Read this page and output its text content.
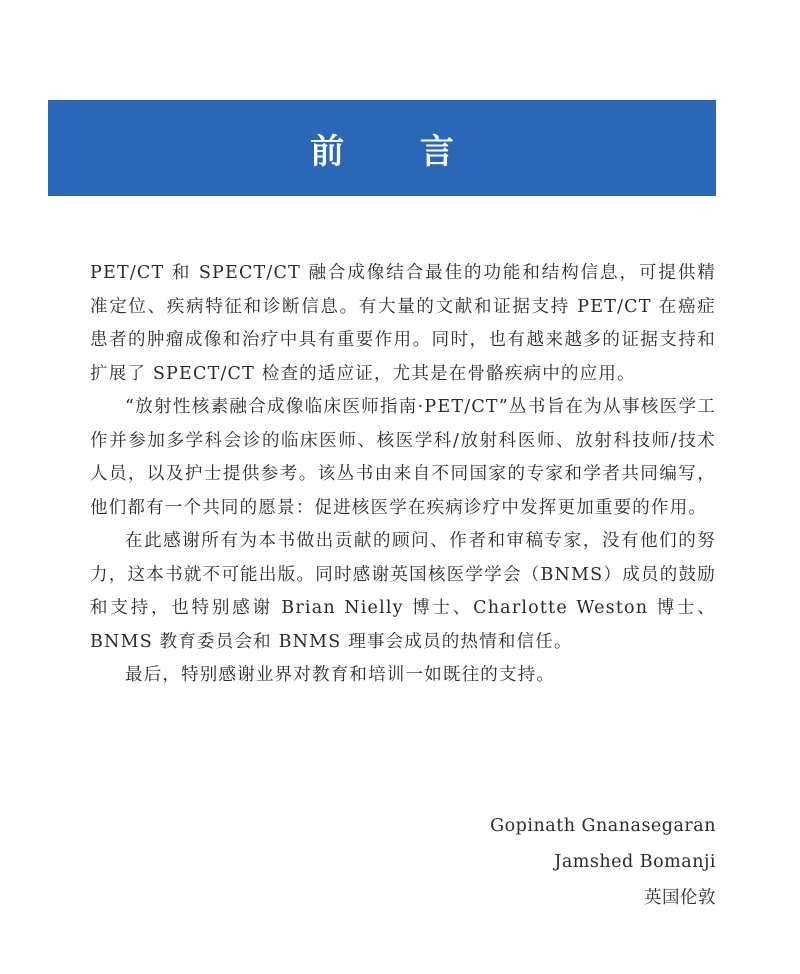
前 言

PET/CT 和 SPECT/CT 融合成像结合最佳的功能和结构信息，可提供精准定位、疾病特征和诊断信息。有大量的文献和证据支持 PET/CT 在癌症患者的肿瘤成像和治疗中具有重要作用。同时，也有越来越多的证据支持和扩展了 SPECT/CT 检查的适应证，尤其是在骨骼疾病中的应用。

“放射性核素融合成像临床医师指南·PET/CT”丛书旨在为从事核医学工作并参加多学科会诊的临床医师、核医学科/放射科医师、放射科技师/技术人员，以及护士提供参考。该丛书由来自不同国家的专家和学者共同编写，他们都有一个共同的愿景：促进核医学在疾病诊疗中发挥更加重要的作用。

在此感谢所有为本书做出贡献的顾问、作者和审稿专家，没有他们的努力，这本书就不可能出版。同时感谢英国核医学学会（BNMS）成员的鼓励和支持，也特别感谢 Brian Nielly 博士、Charlotte Weston 博士、BNMS 教育委员会和 BNMS 理事会成员的热情和信任。

最后，特别感谢业界对教育和培训一如既往的支持。

Gopinath Gnanasegaran
Jamshed Bomanji
英国伦敦
